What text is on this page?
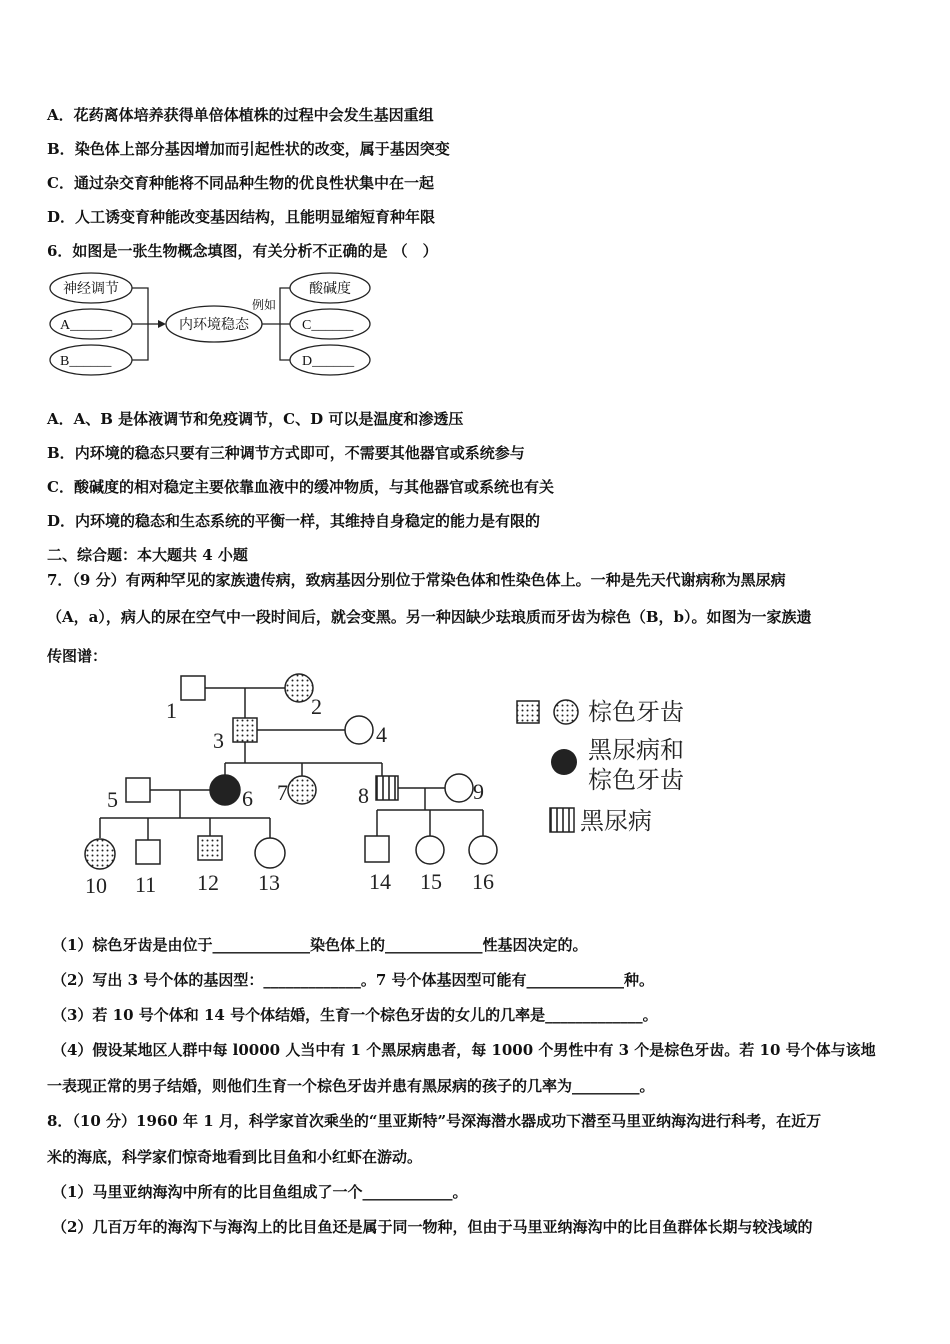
A．花药离体培养获得单倍体植株的过程中会发生基因重组
B．染色体上部分基因增加而引起性状的改变，属于基因突变
C．通过杂交育种能将不同品种生物的优良性状集中在一起
D．人工诱变育种能改变基因结构，且能明显缩短育种年限
6．如图是一张生物概念填图，有关分析不正确的是 （　）
神经调节
A______
B______
内环境稳态
例如
酸碱度
C______
D______
A．A、B 是体液调节和免疫调节，C、D 可以是温度和渗透压
B．内环境的稳态只要有三种调节方式即可，不需要其他器官或系统参与
C．酸碱度的相对稳定主要依靠血液中的缓冲物质，与其他器官或系统也有关
D．内环境的稳态和生态系统的平衡一样，其维持自身稳定的能力是有限的
二、综合题：本大题共 4 小题
7．（9 分）有两种罕见的家族遗传病，致病基因分别位于常染色体和性染色体上。一种是先天代谢病称为黑尿病
（A，a），病人的尿在空气中一段时间后，就会变黑。另一种因缺少珐琅质而牙齿为棕色（B，b）。如图为一家族遗
传图谱：
1	2
3	4
5	6 7	8	9
10 11 12 13	14 15 16
棕色牙齿
黑尿病和
棕色牙齿
黑尿病
（1）棕色牙齿是由位于_____________染色体上的_____________性基因决定的。
（2）写出 3 号个体的基因型：_____________。7 号个体基因型可能有_____________种。
（3）若 10 号个体和 14 号个体结婚，生育一个棕色牙齿的女儿的几率是_____________。
（4）假设某地区人群中每 l0000 人当中有 1 个黑尿病患者，每 1000 个男性中有 3 个是棕色牙齿。若 10 号个体与该地
一表现正常的男子结婚，则他们生育一个棕色牙齿并患有黑尿病的孩子的几率为_________。
8．（10 分）1960 年 1 月，科学家首次乘坐的“里亚斯特”号深海潜水器成功下潜至马里亚纳海沟进行科考，在近万
米的海底，科学家们惊奇地看到比目鱼和小红虾在游动。
（1）马里亚纳海沟中所有的比目鱼组成了一个____________。
（2）几百万年的海沟下与海沟上的比目鱼还是属于同一物种，但由于马里亚纳海沟中的比目鱼群体长期与较浅域的
